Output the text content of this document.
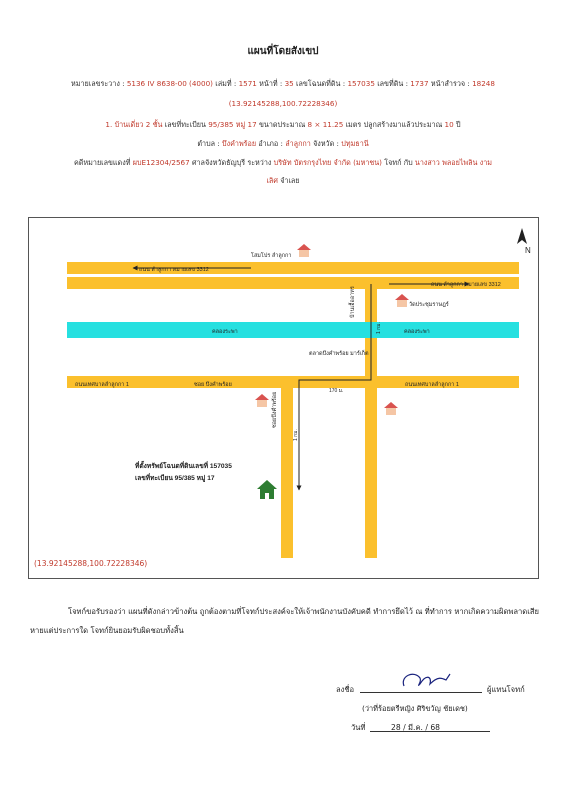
แผนที่โดยสังเขป
หมายเลขระวาง : 5136 IV 8638-00 (4000) เล่มที่ : 1571 หน้าที่ : 35 เลขโฉนดที่ดิน : 157035 เลขที่ดิน : 1737 หน้าสำรวจ : 18248
(13.92145288,100.72228346)
1. บ้านเดี่ยว 2 ชั้น เลขที่ทะเบียน 95/385 หมู่ 17 ขนาดประมาณ 8 × 11.25 เมตร ปลูกสร้างมาแล้วประมาณ 10 ปี
ตำบล : บึงคำพร้อย อำเภอ : ลำลูกกา จังหวัด : ปทุมธานี
คดีหมายเลขแดงที่ ผบE12304/2567 ศาลจังหวัดธัญบุรี ระหว่าง บริษัท บัตรกรุงไทย จำกัด (มหาชน) โจทก์ กับ นางสาว พลอยไพลิน งาม
เลิศ จำเลย
N
ถนน ลำลูกกา หมายเลข 3312
ถนน ลำลูกกา หมายเลข 3312
คลองระพา	คลองระพา
ถนนเทศบาลลำลูกกา 1	ซอย บึงคำพร้อย	ถนนเทศบาลลำลูกกา 1
บ้านเอื้ออาทร
ซอยบึงคำพร้อย
โสมโปร ลำลูกกา
วัดประชุมราษฎร์
ตลาดบึงคำพร้อย มาร์เก็ต
1 กม.
170 ม.
1 กม.
ที่ตั้งทรัพย์โฉนดที่ดินเลขที่ 157035
เลขที่ทะเบียน 95/385 หมู่ 17
(13.92145288,100.72228346)
โจทก์ขอรับรองว่า แผนที่ดังกล่าวข้างต้น ถูกต้องตามที่โจทก์ประสงค์จะให้เจ้าพนักงานบังคับคดี ทำการยึดไว้ ณ ที่ทำการ หากเกิดความผิดพลาดเสียหายแต่ประการใด โจทก์ยินยอมรับผิดชอบทั้งสิ้น
ลงชื่อ	ผู้แทนโจทก์
(ว่าที่ร้อยตรีหญิง ศิริขวัญ ชัยเดช)
วันที่	28 / มี.ค. / 68
